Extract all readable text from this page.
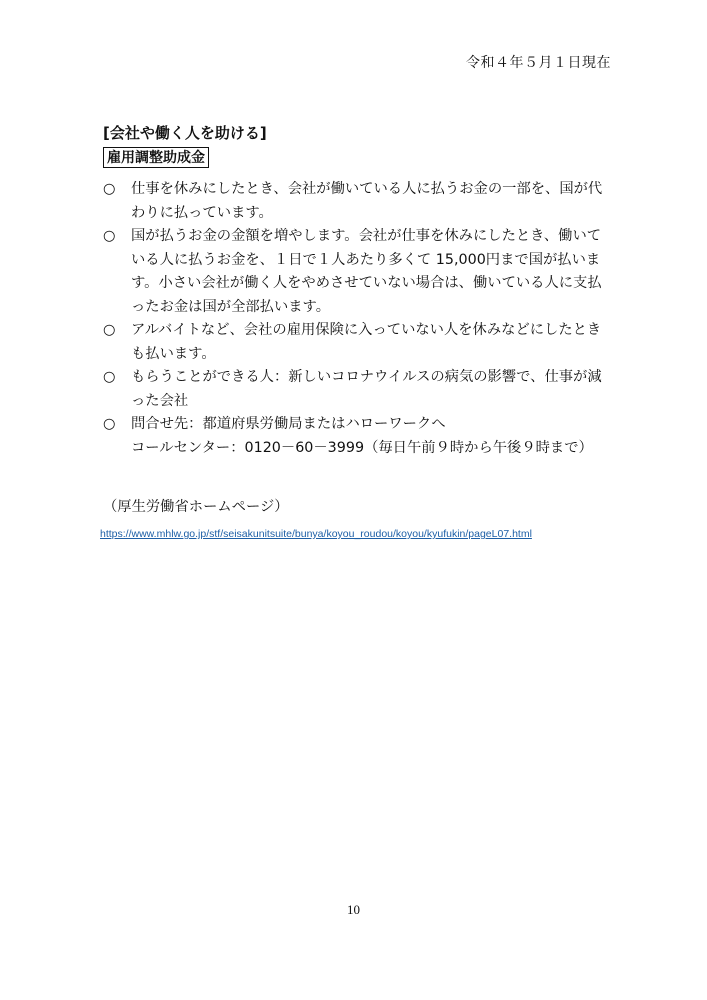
令和４年５月１日現在
[会社や働く人を助ける]
雇用調整助成金
○	仕事を休みにしたとき、会社が働いている人に払うお金の一部を、国が代わりに払っています。
○	国が払うお金の金額を増やします。会社が仕事を休みにしたとき、働いている人に払うお金を、１日で１人あたり多くて 15,000円まで国が払います。小さい会社が働く人をやめさせていない場合は、働いている人に支払ったお金は国が全部払います。
○	アルバイトなど、会社の雇用保険に入っていない人を休みなどにしたときも払います。
○	もらうことができる人：新しいコロナウイルスの病気の影響で、仕事が減った会社
○	問合せ先：都道府県労働局またはハローワークへ
コールセンター：0120－60－3999（毎日午前９時から午後９時まで）
（厚生労働省ホームページ）
https://www.mhlw.go.jp/stf/seisakunitsuite/bunya/koyou_roudou/koyou/kyufukin/pageL07.html
10
